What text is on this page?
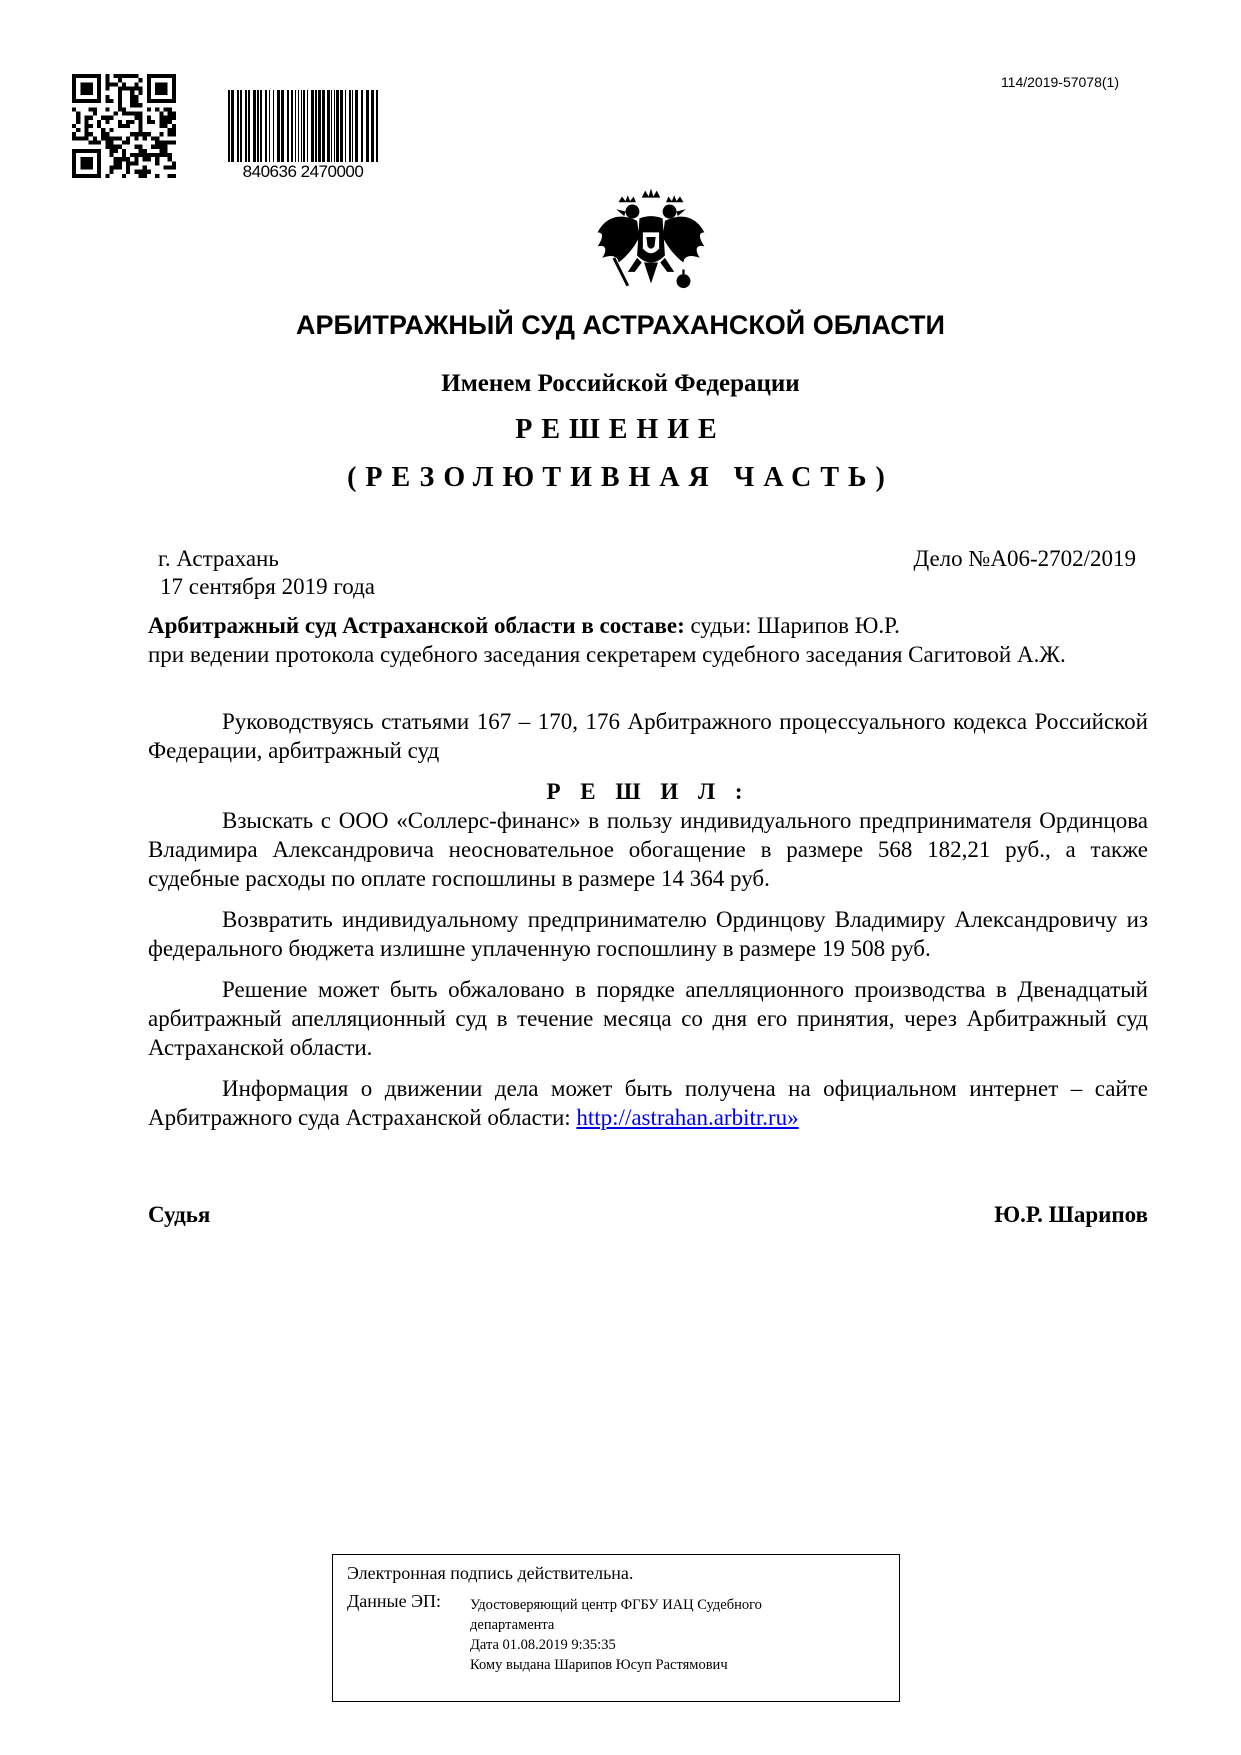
840636 2470000
114/2019-57078(1)
АРБИТРАЖНЫЙ СУД АСТРАХАНСКОЙ ОБЛАСТИ
Именем Российской Федерации
РЕШЕНИЕ
(РЕЗОЛЮТИВНАЯ ЧАСТЬ)
г. Астрахань
17 сентября 2019 года
Дело №А06-2702/2019

Арбитражный суд Астраханской области в составе: судьи: Шарипов Ю.Р.

при ведении протокола судебного заседания секретарем судебного заседания Сагитовой А.Ж.

Руководствуясь статьями 167 – 170, 176 Арбитражного процессуального кодекса Российской Федерации, арбитражный суд

Р Е Ш И Л :

Взыскать с ООО «Соллерс-финанс» в пользу индивидуального предпринимателя Ординцова Владимира Александровича неосновательное обогащение в размере 568 182,21 руб., а также судебные расходы по оплате госпошлины в размере 14 364 руб.

Возвратить индивидуальному предпринимателю Ординцову Владимиру Александровичу из федерального бюджета излишне уплаченную госпошлину в размере 19 508 руб.

Решение может быть обжаловано в порядке апелляционного производства в Двенадцатый арбитражный апелляционный суд в течение месяца со дня его принятия, через Арбитражный суд Астраханской области.

Информация о движении дела может быть получена на официальном интернет – сайте Арбитражного суда Астраханской области: http://astrahan.arbitr.ru»

Судья	Ю.Р. Шарипов
Электронная подпись действительна.
Данные ЭП: Удостоверяющий центр ФГБУ ИАЦ Судебного
департамента
Дата 01.08.2019 9:35:35
Кому выдана Шарипов Юсуп Растямович
